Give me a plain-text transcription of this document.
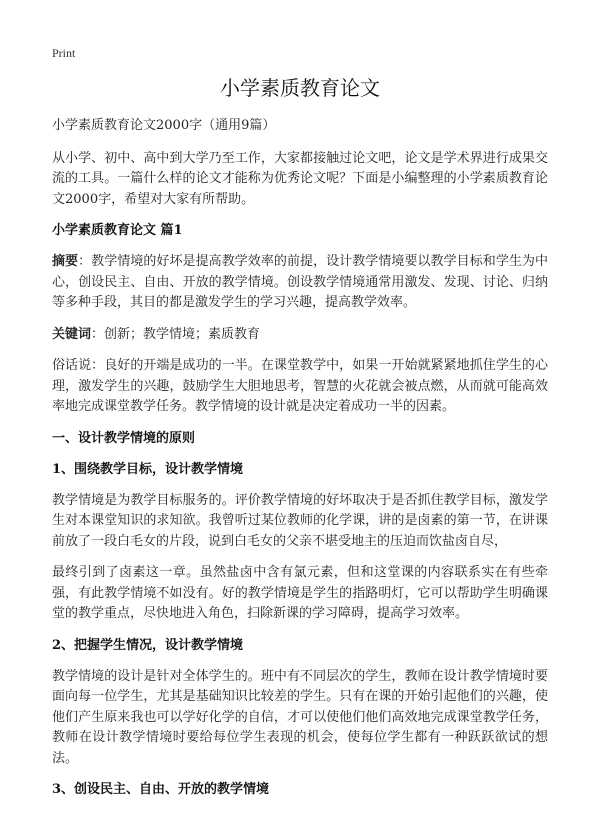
Print
小学素质教育论文

小学素质教育论文2000字（通用9篇）

从小学、初中、高中到大学乃至工作，大家都接触过论文吧，论文是学术界进行成果交流的工具。一篇什么样的论文才能称为优秀论文呢？下面是小编整理的小学素质教育论文2000字，希望对大家有所帮助。

小学素质教育论文 篇1

摘要：教学情境的好坏是提高教学效率的前提，设计教学情境要以教学目标和学生为中心，创设民主、自由、开放的教学情境。创设教学情境通常用激发、发现、讨论、归纳等多种手段，其目的都是激发学生的学习兴趣，提高教学效率。

关键词：创新；教学情境；素质教育

俗话说：良好的开端是成功的一半。在课堂教学中，如果一开始就紧紧地抓住学生的心理，激发学生的兴趣，鼓励学生大胆地思考，智慧的火花就会被点燃，从而就可能高效率地完成课堂教学任务。教学情境的设计就是决定着成功一半的因素。

一、设计教学情境的原则
1、围绕教学目标，设计教学情境

教学情境是为教学目标服务的。评价教学情境的好坏取决于是否抓住教学目标，激发学生对本课堂知识的求知欲。我曾听过某位教师的化学课，讲的是卤素的第一节，在讲课前放了一段白毛女的片段，说到白毛女的父亲不堪受地主的压迫而饮盐卤自尽，

最终引到了卤素这一章。虽然盐卤中含有氯元素，但和这堂课的内容联系实在有些牵强，有此教学情境不如没有。好的教学情境是学生的指路明灯，它可以帮助学生明确课堂的教学重点，尽快地进入角色，扫除新课的学习障碍，提高学习效率。

2、把握学生情况，设计教学情境

教学情境的设计是针对全体学生的。班中有不同层次的学生，教师在设计教学情境时要面向每一位学生，尤其是基础知识比较差的学生。只有在课的开始引起他们的兴趣，使他们产生原来我也可以学好化学的自信，才可以使他们他们高效地完成课堂教学任务，教师在设计教学情境时要给每位学生表现的机会，使每位学生都有一种跃跃欲试的想法。

3、创设民主、自由、开放的教学情境
